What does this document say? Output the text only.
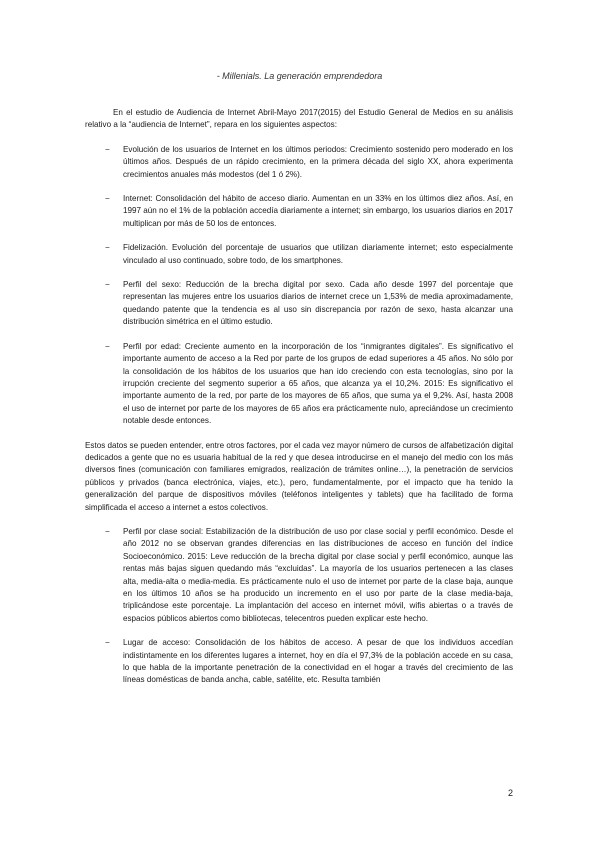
- Millenials. La generación emprendedora

En el estudio de Audiencia de Internet Abril-Mayo 2017(2015) del Estudio General de Medios en su análisis relativo a la “audiencia de Internet”, repara en los siguientes aspectos:

− Evolución de los usuarios de Internet en los últimos periodos: Crecimiento sostenido pero moderado en los últimos años. Después de un rápido crecimiento, en la primera década del siglo XX, ahora experimenta crecimientos anuales más modestos (del 1 ó 2%).
− Internet: Consolidación del hábito de acceso diario. Aumentan en un 33% en los últimos diez años. Así, en 1997 aún no el 1% de la población accedía diariamente a internet; sin embargo, los usuarios diarios en 2017 multiplican por más de 50 los de entonces.
− Fidelización. Evolución del porcentaje de usuarios que utilizan diariamente internet; esto especialmente vinculado al uso continuado, sobre todo, de los smartphones.
− Perfil del sexo: Reducción de la brecha digital por sexo. Cada año desde 1997 del porcentaje que representan las mujeres entre los usuarios diarios de internet crece un 1,53% de media aproximadamente, quedando patente que la tendencia es al uso sin discrepancia por razón de sexo, hasta alcanzar una distribución simétrica en el último estudio.
− Perfil por edad: Creciente aumento en la incorporación de los “inmigrantes digitales”. Es significativo el importante aumento de acceso a la Red por parte de los grupos de edad superiores a 45 años. No sólo por la consolidación de los hábitos de los usuarios que han ido creciendo con esta tecnologías, sino por la irrupción creciente del segmento superior a 65 años, que alcanza ya el 10,2%. 2015: Es significativo el importante aumento de la red, por parte de los mayores de 65 años, que suma ya el 9,2%. Así, hasta 2008 el uso de internet por parte de los mayores de 65 años era prácticamente nulo, apreciándose un crecimiento notable desde entonces.

Estos datos se pueden entender, entre otros factores, por el cada vez mayor número de cursos de alfabetización digital dedicados a gente que no es usuaria habitual de la red y que desea introducirse en el manejo del medio con los más diversos fines (comunicación con familiares emigrados, realización de trámites online…), la penetración de servicios públicos y privados (banca electrónica, viajes, etc.), pero, fundamentalmente, por el impacto que ha tenido la generalización del parque de dispositivos móviles (teléfonos inteligentes y tablets) que ha facilitado de forma simplificada el acceso a internet a estos colectivos.

− Perfil por clase social: Estabilización de la distribución de uso por clase social y perfil económico. Desde el año 2012 no se observan grandes diferencias en las distribuciones de acceso en función del índice Socioeconómico. 2015: Leve reducción de la brecha digital por clase social y perfil económico, aunque las rentas más bajas siguen quedando más “excluidas”. La mayoría de los usuarios pertenecen a las clases alta, media-alta o media-media. Es prácticamente nulo el uso de internet por parte de la clase baja, aunque en los últimos 10 años se ha producido un incremento en el uso por parte de la clase media-baja, triplicándose este porcentaje. La implantación del acceso en internet móvil, wifis abiertas o a través de espacios públicos abiertos como bibliotecas, telecentros pueden explicar este hecho.
− Lugar de acceso: Consolidación de los hábitos de acceso. A pesar de que los individuos accedían indistintamente en los diferentes lugares a internet, hoy en día el 97,3% de la población accede en su casa, lo que habla de la importante penetración de la conectividad en el hogar a través del crecimiento de las líneas domésticas de banda ancha, cable, satélite, etc. Resulta también
2
